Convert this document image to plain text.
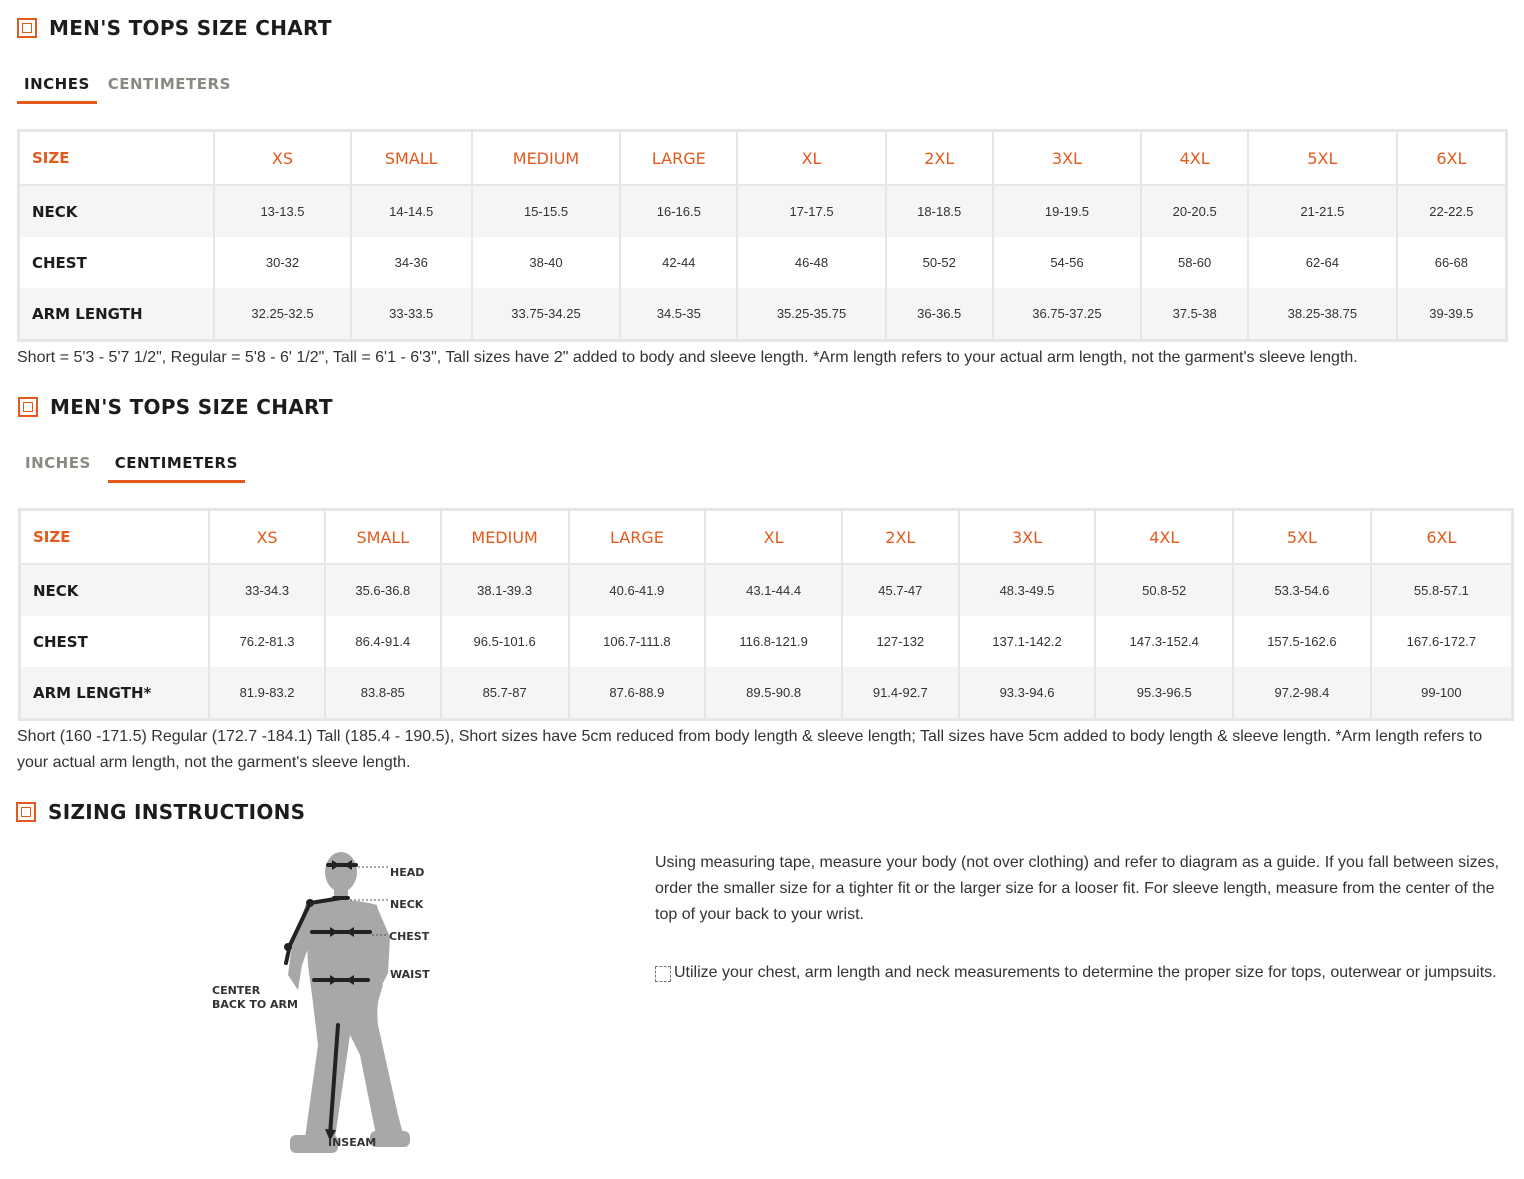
MEN'S TOPS SIZE CHART
INCHES	CENTIMETERS
SIZE	XS	SMALL	MEDIUM	LARGE	XL	2XL	3XL	4XL	5XL	6XL
NECK	13-13.5	14-14.5	15-15.5	16-16.5	17-17.5	18-18.5	19-19.5	20-20.5	21-21.5	22-22.5
CHEST	30-32	34-36	38-40	42-44	46-48	50-52	54-56	58-60	62-64	66-68
ARM LENGTH	32.25-32.5	33-33.5	33.75-34.25	34.5-35	35.25-35.75	36-36.5	36.75-37.25	37.5-38	38.25-38.75	39-39.5
Short = 5'3 - 5'7 1/2", Regular = 5'8 - 6' 1/2", Tall = 6'1 - 6'3", Tall sizes have 2" added to body and sleeve length. *Arm length refers to your actual arm length, not the garment's sleeve length.
MEN'S TOPS SIZE CHART
INCHES	CENTIMETERS
SIZE	XS	SMALL	MEDIUM	LARGE	XL	2XL	3XL	4XL	5XL	6XL
NECK	33-34.3	35.6-36.8	38.1-39.3	40.6-41.9	43.1-44.4	45.7-47	48.3-49.5	50.8-52	53.3-54.6	55.8-57.1
CHEST	76.2-81.3	86.4-91.4	96.5-101.6	106.7-111.8	116.8-121.9	127-132	137.1-142.2	147.3-152.4	157.5-162.6	167.6-172.7
ARM LENGTH*	81.9-83.2	83.8-85	85.7-87	87.6-88.9	89.5-90.8	91.4-92.7	93.3-94.6	95.3-96.5	97.2-98.4	99-100
Short (160 -171.5) Regular (172.7 -184.1) Tall (185.4 - 190.5), Short sizes have 5cm reduced from body length & sleeve length; Tall sizes have 5cm added to body length & sleeve length. *Arm length refers to your actual arm length, not the garment's sleeve length.
SIZING INSTRUCTIONS
HEAD
NECK
CHEST
WAIST
CENTER
BACK TO ARM
INSEAM
Using measuring tape, measure your body (not over clothing) and refer to diagram as a guide. If you fall between sizes, order the smaller size for a tighter fit or the larger size for a looser fit. For sleeve length, measure from the center of the top of your back to your wrist.
Utilize your chest, arm length and neck measurements to determine the proper size for tops, outerwear or jumpsuits.
